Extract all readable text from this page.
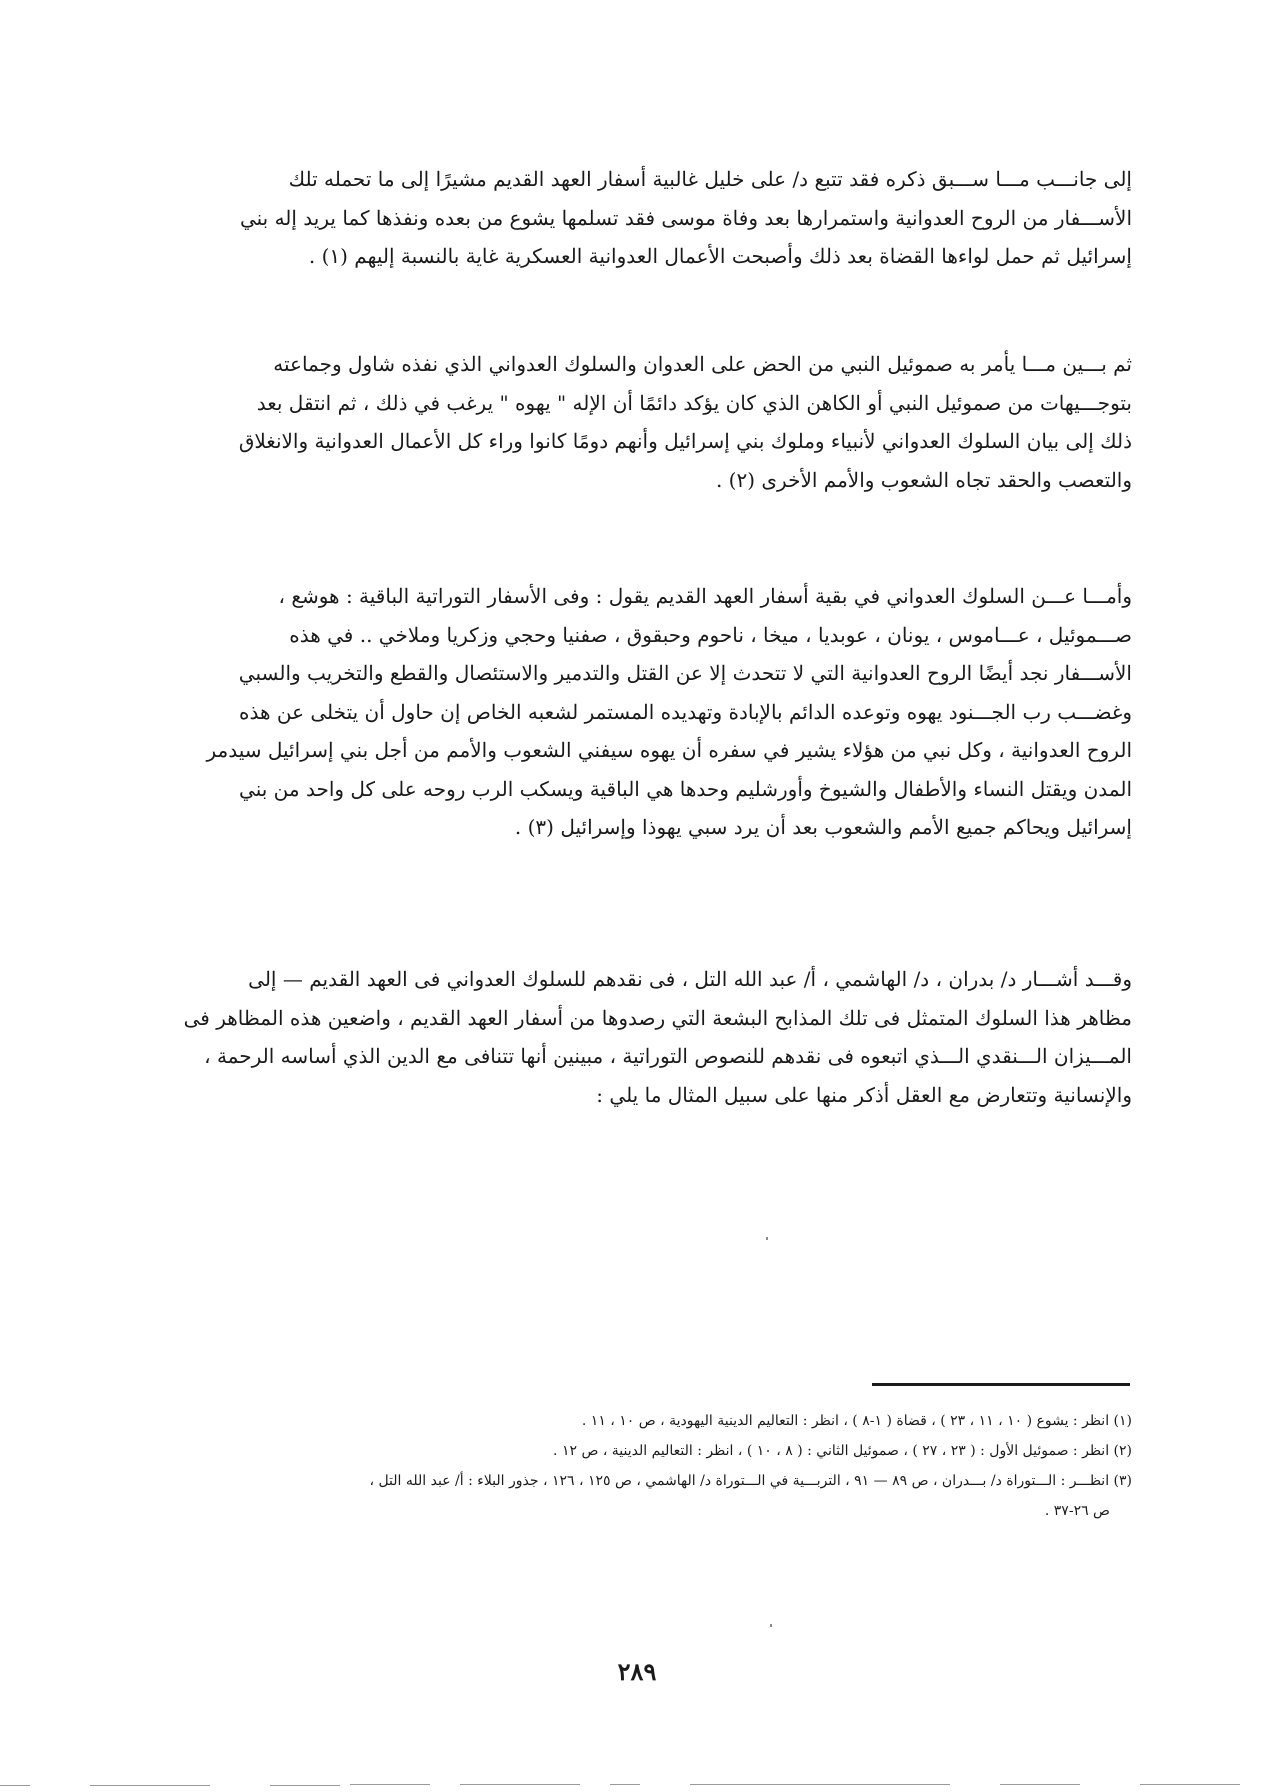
إلى جانـــب مـــا ســـبق ذكره فقد تتبع د/ على خليل غالبية أسفار العهد القديم مشيرًا إلى ما تحمله تلك

الأســـفار من الروح العدوانية واستمرارها بعد وفاة موسى فقد تسلمها يشوع من بعده ونفذها كما يريد إله بني

إسرائيل ثم حمل لواءها القضاة بعد ذلك وأصبحت الأعمال العدوانية العسكرية غاية بالنسبة إليهم (١) .

ثم بـــين مـــا يأمر به صموئيل النبي من الحض على العدوان والسلوك العدواني الذي نفذه شاول وجماعته

بتوجـــيهات من صموئيل النبي أو الكاهن الذي كان يؤكد دائمًا أن الإله " يهوه " يرغب في ذلك ، ثم انتقل بعد

ذلك إلى بيان السلوك العدواني لأنبياء وملوك بني إسرائيل وأنهم دومًا كانوا وراء كل الأعمال العدوانية والانغلاق

والتعصب والحقد تجاه الشعوب والأمم الأخرى (٢) .

وأمـــا عـــن السلوك العدواني في بقية أسفار العهد القديم يقول : وفى الأسفار التوراتية الباقية : هوشع ،

صـــموئيل ، عـــاموس ، يونان ، عوبديا ، ميخا ، ناحوم وحبقوق ، صفنيا وحجي وزكريا وملاخي .. في هذه

الأســـفار نجد أيضًا الروح العدوانية التي لا تتحدث إلا عن القتل والتدمير والاستئصال والقطع والتخريب والسبي

وغضـــب رب الجـــنود يهوه وتوعده الدائم بالإبادة وتهديده المستمر لشعبه الخاص إن حاول أن يتخلى عن هذه

الروح العدوانية ، وكل نبي من هؤلاء يشير في سفره أن يهوه سيفني الشعوب والأمم من أجل بني إسرائيل سيدمر

المدن ويقتل النساء والأطفال والشيوخ وأورشليم وحدها هي الباقية ويسكب الرب روحه على كل واحد من بني

إسرائيل ويحاكم جميع الأمم والشعوب بعد أن يرد سبي يهوذا وإسرائيل (٣) .

وقـــد أشـــار د/ بدران ، د/ الهاشمي ، أ/ عبد الله التل ، فى نقدهم للسلوك العدواني فى العهد القديم — إلى

مظاهر هذا السلوك المتمثل فى تلك المذابح البشعة التي رصدوها من أسفار العهد القديم ، واضعين هذه المظاهر فى

المـــيزان الـــنقدي الـــذي اتبعوه فى نقدهم للنصوص التوراتية ، مبينين أنها تتنافى مع الدين الذي أساسه الرحمة ،

والإنسانية وتتعارض مع العقل أذكر منها على سبيل المثال ما يلي :

(١) انظر : يشوع ( ١٠ ، ١١ ، ٢٣ ) ، قضاة ( ١-٨ ) ، انظر : التعاليم الدينية اليهودية ، ص ١٠ ، ١١ .

(٢) انظر : صموئيل الأول : ( ٢٣ ، ٢٧ ) ، صموئيل الثاني : ( ٨ ، ١٠ ) ، انظر : التعاليم الدينية ، ص ١٢ .

(٣) انظـــر : الـــتوراة د/ بـــدران ، ص ٨٩ — ٩١ ، التربـــية في الـــتوراة د/ الهاشمي ، ص ١٢٥ ، ١٢٦ ، جذور البلاء : أ/ عبد الله التل ،

ص ٢٦-٣٧ .

٢٨٩
